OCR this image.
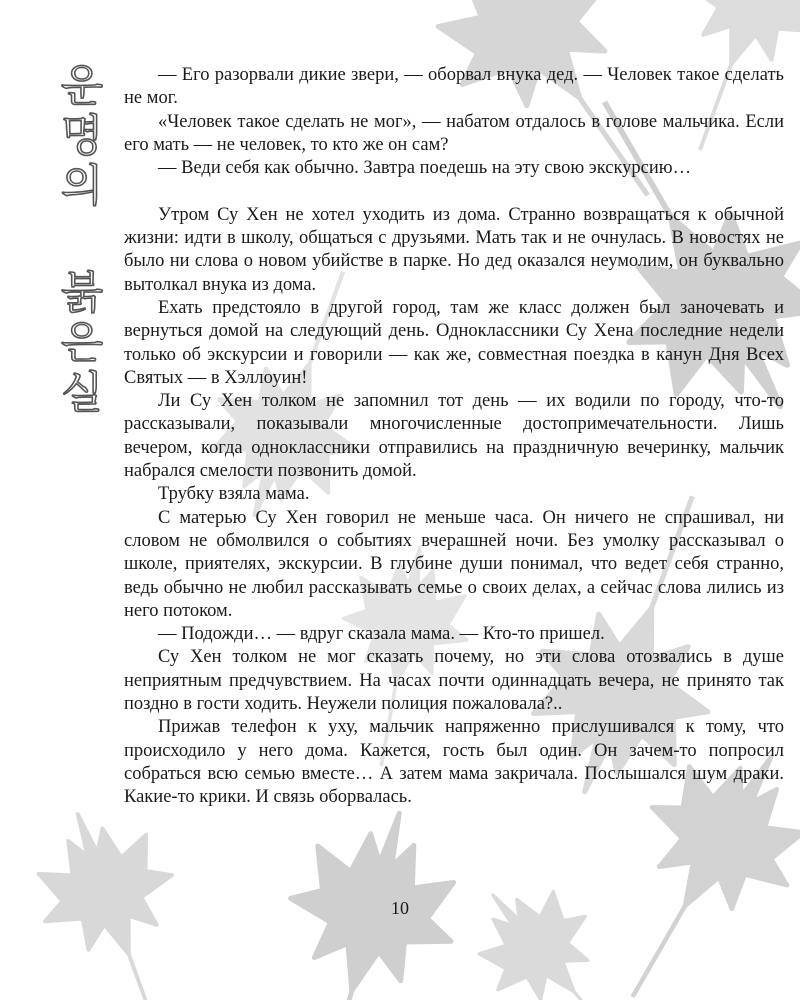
운명의 붉은실	— Его разорвали дикие звери, — оборвал внука дед. — Человек такое сделать не мог.

«Человек такое сделать не мог», — набатом отдалось в голове мальчика. Если его мать — не человек, то кто же он сам?

— Веди себя как обычно. Завтра поедешь на эту свою экскурсию…

Утром Су Хен не хотел уходить из дома. Странно возвращаться к обычной жизни: идти в школу, общаться с друзьями. Мать так и не очнулась. В новостях не было ни слова о новом убийстве в парке. Но дед оказался неумолим, он буквально вытолкал внука из дома.

Ехать предстояло в другой город, там же класс должен был заночевать и вернуться домой на следующий день. Одноклассники Су Хена последние недели только об экскурсии и говорили — как же, совместная поездка в канун Дня Всех Святых — в Хэллоуин!

Ли Су Хен толком не запомнил тот день — их водили по городу, что-то рассказывали, показывали многочисленные достопримечательности. Лишь вечером, когда одноклассники отправились на праздничную вечеринку, мальчик набрался смелости позвонить домой.

Трубку взяла мама.

С матерью Су Хен говорил не меньше часа. Он ничего не спрашивал, ни словом не обмолвился о событиях вчерашней ночи. Без умолку рассказывал о школе, приятелях, экскурсии. В глубине души понимал, что ведет себя странно, ведь обычно не любил рассказывать семье о своих делах, а сейчас слова лились из него потоком.

— Подожди… — вдруг сказала мама. — Кто-то пришел.

Су Хен толком не мог сказать почему, но эти слова отозвались в душе неприятным предчувствием. На часах почти одиннадцать вечера, не принято так поздно в гости ходить. Неужели полиция пожаловала?..

Прижав телефон к уху, мальчик напряженно прислушивался к тому, что происходило у него дома. Кажется, гость был один. Он зачем-то попросил собраться всю семью вместе… А затем мама закричала. Послышался шум драки. Какие-то крики. И связь оборвалась.

10
